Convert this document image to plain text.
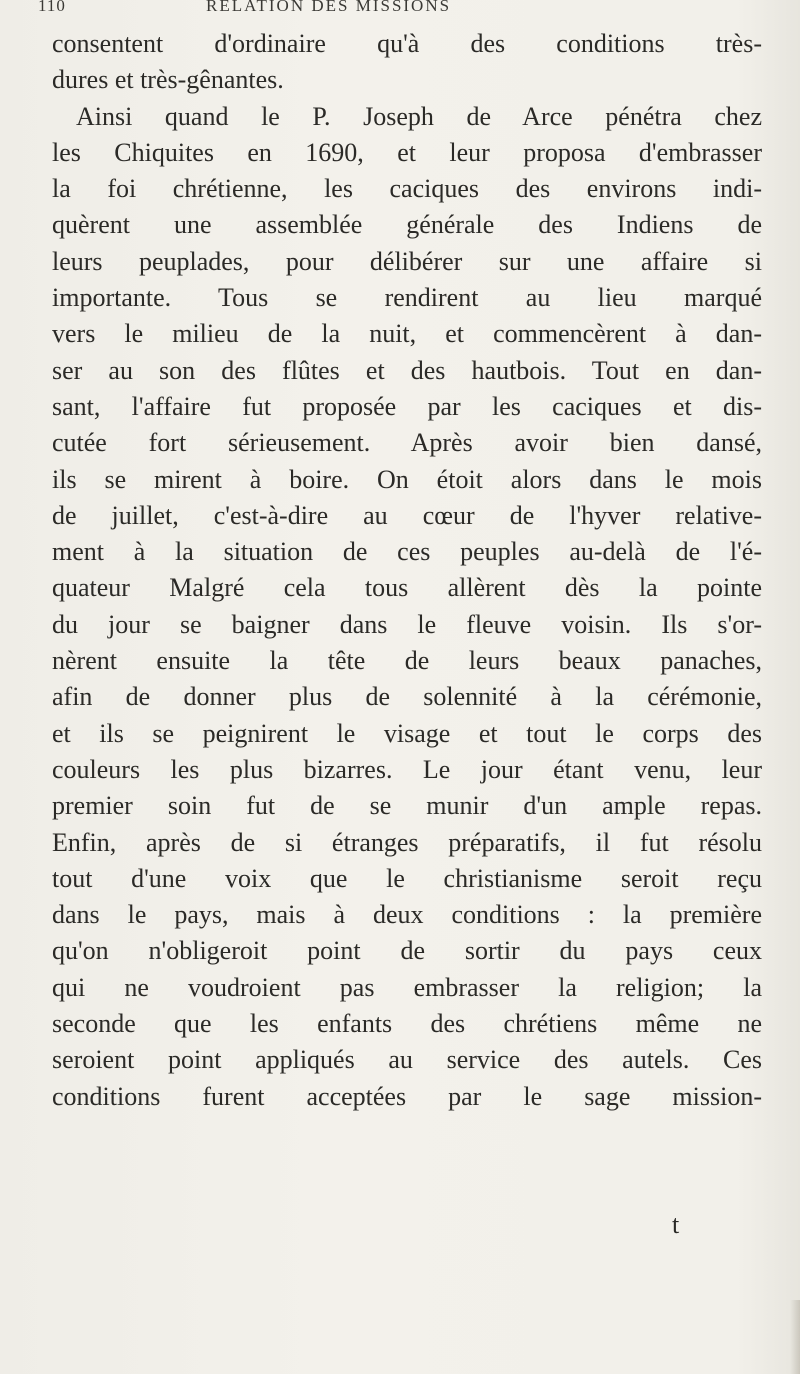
110	RELATION DES MISSIONS
consentent d'ordinaire qu'à des conditions très-
dures et très-gênantes.
Ainsi quand le P. Joseph de Arce pénétra chez
les Chiquites en 1690, et leur proposa d'embrasser
la foi chrétienne, les caciques des environs indi-
quèrent une assemblée générale des Indiens de
leurs peuplades, pour délibérer sur une affaire si
importante. Tous se rendirent au lieu marqué
vers le milieu de la nuit, et commencèrent à dan-
ser au son des flûtes et des hautbois. Tout en dan-
sant, l'affaire fut proposée par les caciques et dis-
cutée fort sérieusement. Après avoir bien dansé,
ils se mirent à boire. On étoit alors dans le mois
de juillet, c'est-à-dire au cœur de l'hyver relative-
ment à la situation de ces peuples au-delà de l'é-
quateur Malgré cela tous allèrent dès la pointe
du jour se baigner dans le fleuve voisin. Ils s'or-
nèrent ensuite la tête de leurs beaux panaches,
afin de donner plus de solennité à la cérémonie,
et ils se peignirent le visage et tout le corps des
couleurs les plus bizarres. Le jour étant venu, leur
premier soin fut de se munir d'un ample repas.
Enfin, après de si étranges préparatifs, il fut résolu
tout d'une voix que le christianisme seroit reçu
dans le pays, mais à deux conditions : la première
qu'on n'obligeroit point de sortir du pays ceux
qui ne voudroient pas embrasser la religion; la
seconde que les enfants des chrétiens même ne
seroient point appliqués au service des autels. Ces
conditions furent acceptées par le sage mission-
t
